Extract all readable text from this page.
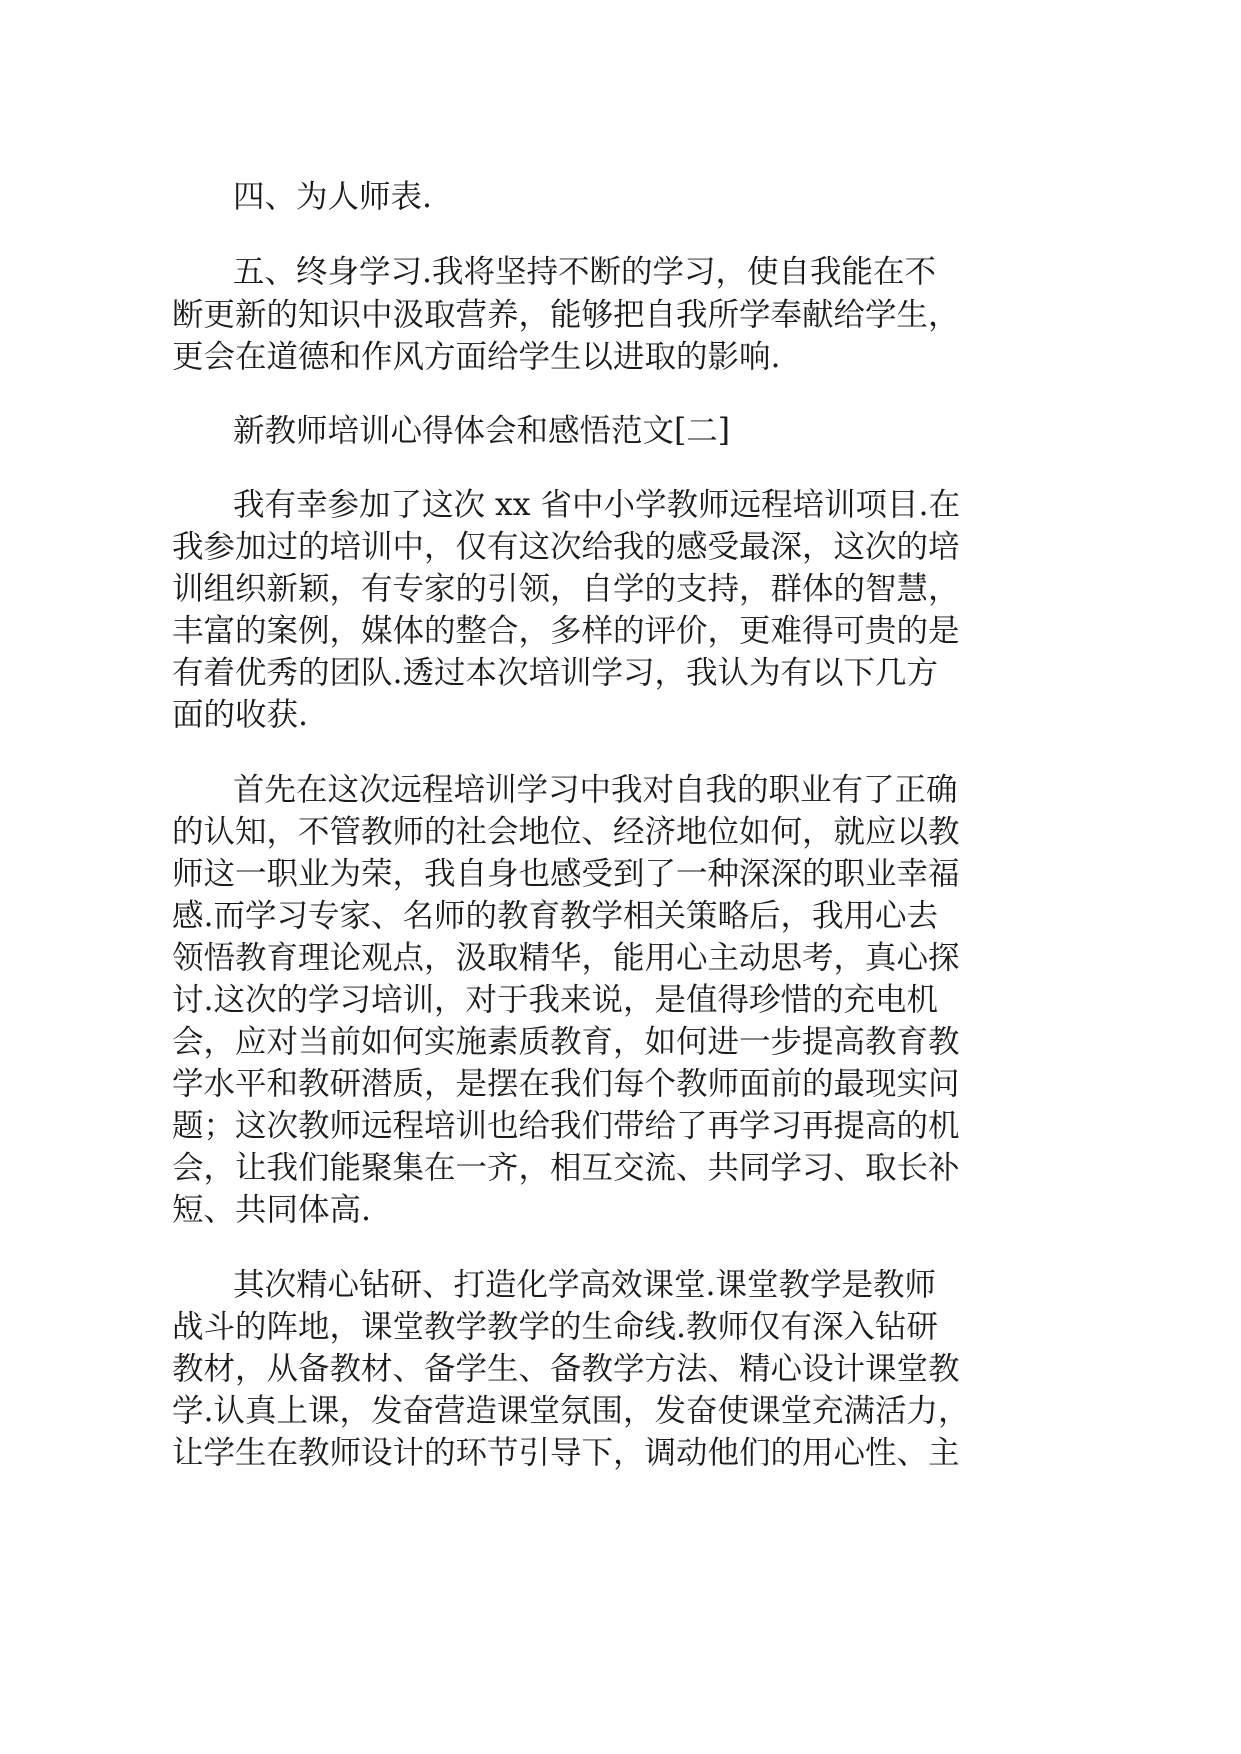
四、为人师表.
五、终身学习.我将坚持不断的学习，使自我能在不
断更新的知识中汲取营养，能够把自我所学奉献给学生，
更会在道德和作风方面给学生以进取的影响.
新教师培训心得体会和感悟范文[二]
我有幸参加了这次 xx 省中小学教师远程培训项目.在
我参加过的培训中，仅有这次给我的感受最深，这次的培
训组织新颖，有专家的引领，自学的支持，群体的智慧，
丰富的案例，媒体的整合，多样的评价，更难得可贵的是
有着优秀的团队.透过本次培训学习，我认为有以下几方
面的收获.
首先在这次远程培训学习中我对自我的职业有了正确
的认知，不管教师的社会地位、经济地位如何，就应以教
师这一职业为荣，我自身也感受到了一种深深的职业幸福
感.而学习专家、名师的教育教学相关策略后，我用心去
领悟教育理论观点，汲取精华，能用心主动思考，真心探
讨.这次的学习培训，对于我来说，是值得珍惜的充电机
会，应对当前如何实施素质教育，如何进一步提高教育教
学水平和教研潜质，是摆在我们每个教师面前的最现实问
题；这次教师远程培训也给我们带给了再学习再提高的机
会，让我们能聚集在一齐，相互交流、共同学习、取长补
短、共同体高.
其次精心钻研、打造化学高效课堂.课堂教学是教师
战斗的阵地，课堂教学教学的生命线.教师仅有深入钻研
教材，从备教材、备学生、备教学方法、精心设计课堂教
学.认真上课，发奋营造课堂氛围，发奋使课堂充满活力，
让学生在教师设计的环节引导下，调动他们的用心性、主
